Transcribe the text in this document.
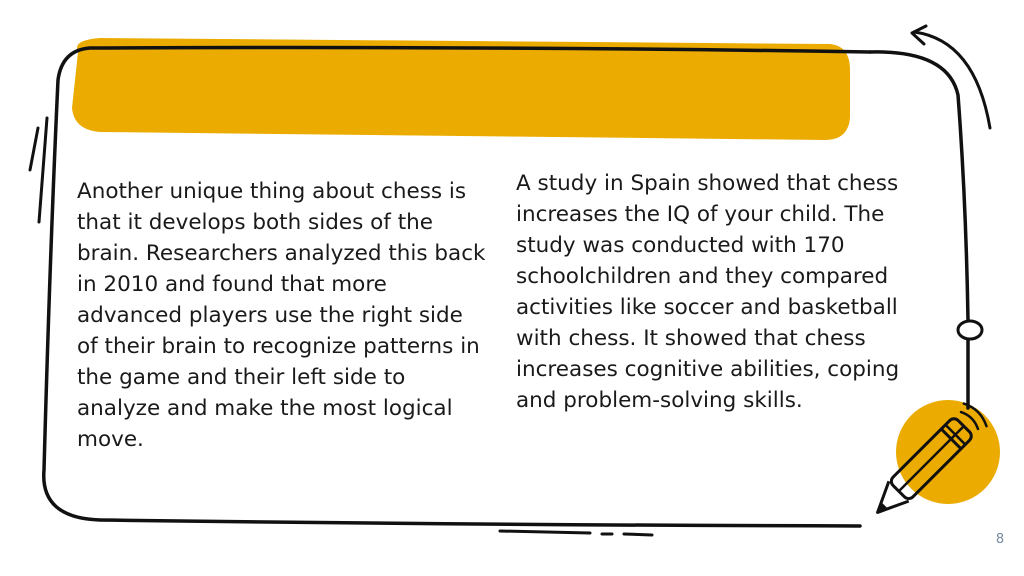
Another unique thing about chess is that it develops both sides of the brain. Researchers analyzed this back in 2010 and found that more advanced players use the right side of their brain to recognize patterns in the game and their left side to analyze and make the most logical move.
A study in Spain showed that chess increases the IQ of your child. The study was conducted with 170 schoolchildren and they compared activities like soccer and basketball with chess. It showed that chess increases cognitive abilities, coping and problem-solving skills.
8
